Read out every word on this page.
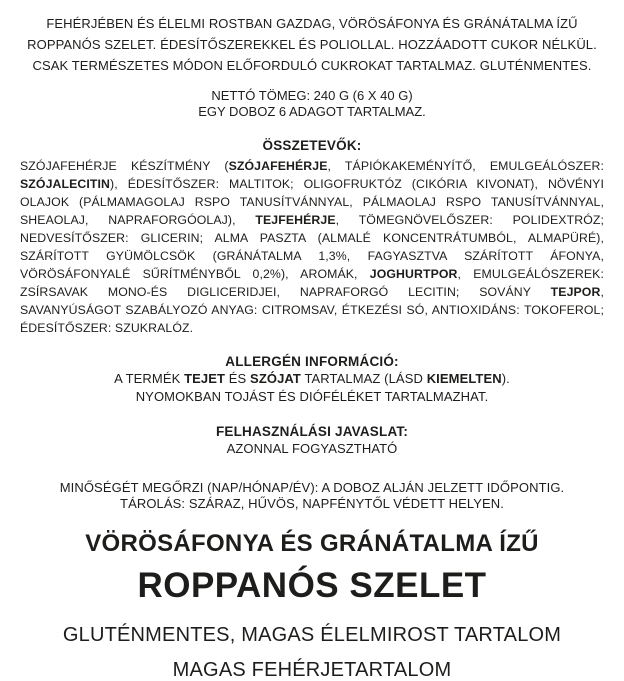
FEHÉRJÉBEN ÉS ÉLELMI ROSTBAN GAZDAG, VÖRÖSÁFONYA ÉS GRÁNÁTALMA ÍZŰ ROPPANÓS SZELET. ÉDESÍTŐSZEREKKEL ÉS POLIOLLAL. HOZZÁADOTT CUKOR NÉLKÜL. CSAK TERMÉSZETES MÓDON ELŐFORDULÓ CUKROKAT TARTALMAZ. GLUTÉNMENTES.

NETTÓ TÖMEG: 240 G (6 X 40 G)

EGY DOBOZ 6 ADAGOT TARTALMAZ.

ÖSSZETEVŐK:

SZÓJAFEHÉRJE KÉSZÍTMÉNY (SZÓJAFEHÉRJE, TÁPIÓKAKEMÉNYÍTŐ, EMULGEÁLÓSZER: SZÓJALECITIN), ÉDESÍTŐSZER: MALTITOK; OLIGOFRUKTÓZ (CIKÓRIA KIVONAT), NÖVÉNYI OLAJOK (PÁLMAMAGOLAJ RSPO TANUSÍTVÁNNYAL, PÁLMAOLAJ RSPO TANUSÍTVÁNNYAL, SHEAOLAJ, NAPRAFORGÓOLAJ), TEJFEHÉRJE, TÖMEGNÖVELŐSZER: POLIDEXTRÓZ; NEDVESÍTŐSZER: GLICERIN; ALMA PASZTA (ALMALÉ KONCENTRÁTUMBÓL, ALMAPÜRÉ), SZÁRÍTOTT GYÜMÖLCSÖK (GRÁNÁTALMA 1,3%, FAGYASZTVA SZÁRÍTOTT ÁFONYA, VÖRÖSÁFONYALÉ SŰRÍTMÉNYBŐL 0,2%), AROMÁK, JOGHURTPOR, EMULGEÁLÓSZEREK: ZSÍRSAVAK MONO-ÉS DIGLICERIDJEI, NAPRAFORGÓ LECITIN; SOVÁNY TEJPOR, SAVANYÚSÁGOT SZABÁLYOZÓ ANYAG: CITROMSAV, ÉTKEZÉSI SÓ, ANTIOXIDÁNS: TOKOFEROL; ÉDESÍTŐSZER: SZUKRALÓZ.

ALLERGÉN INFORMÁCIÓ:

A TERMÉK TEJET ÉS SZÓJAT TARTALMAZ (LÁSD KIEMELTEN).

NYOMOKBAN TOJÁST ÉS DIÓFÉLÉKET TARTALMAZHAT.

FELHASZNÁLÁSI JAVASLAT:

AZONNAL FOGYASZTHATÓ

MINŐSÉGÉT MEGŐRZI (NAP/HÓNAP/ÉV): A DOBOZ ALJÁN JELZETT IDŐPONTIG.

TÁROLÁS: SZÁRAZ, HŰVÖS, NAPFÉNYTŐL VÉDETT HELYEN.

VÖRÖSÁFONYA ÉS GRÁNÁTALMA ÍZŰ
ROPPANÓS SZELET

GLUTÉNMENTES, MAGAS ÉLELMIROST TARTALOM

MAGAS FEHÉRJETARTALOM
